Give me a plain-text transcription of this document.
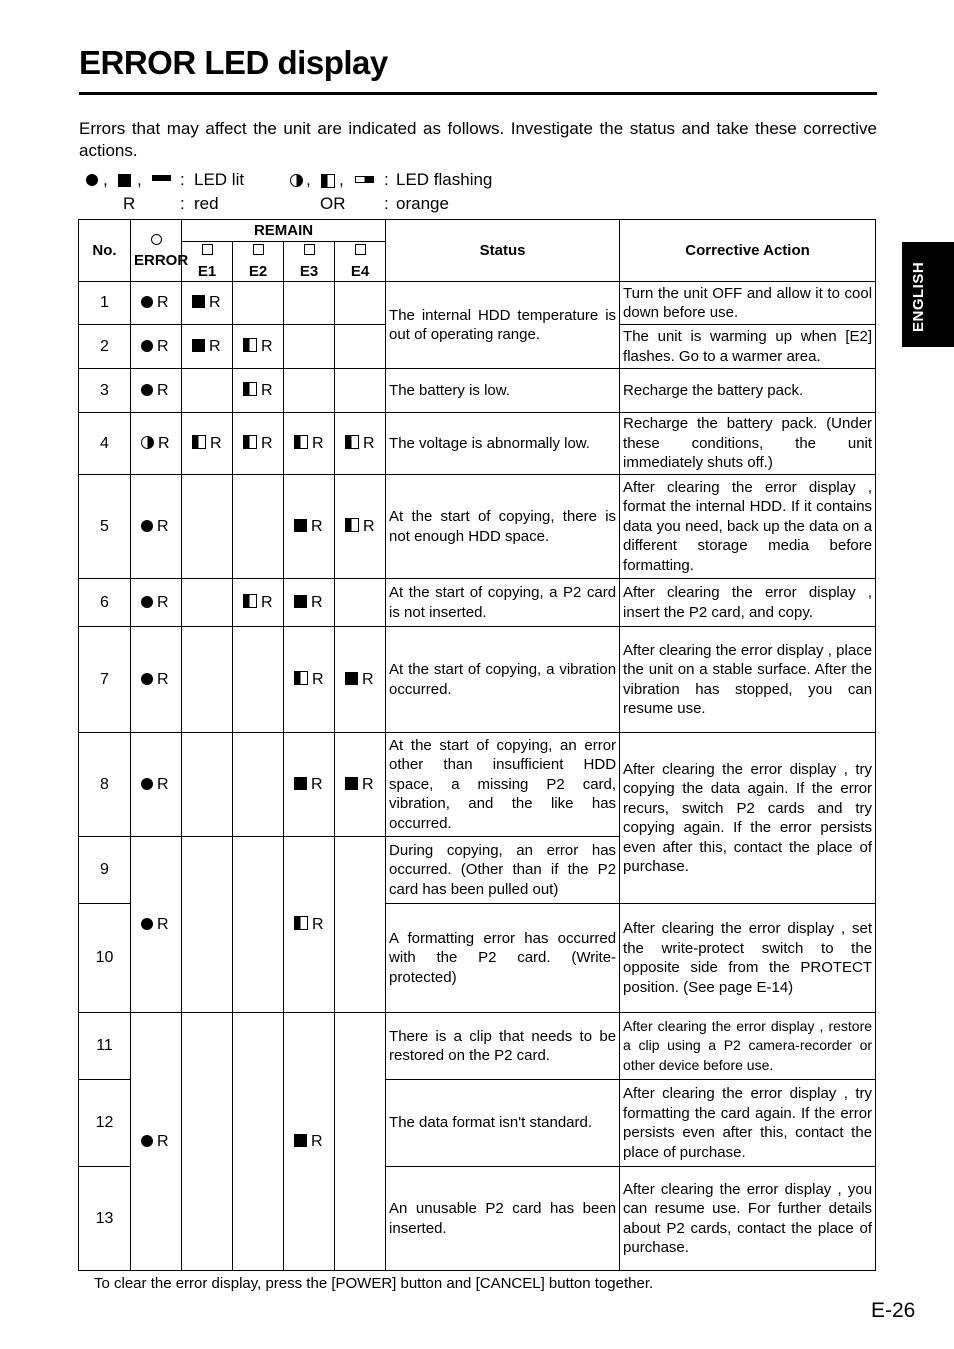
ERROR LED display
Errors that may affect the unit are indicated as follows. Investigate the status and take these corrective actions.
, , : LED lit	, , : LED flashing
R	: red	OR : orange
ENGLISH
No.	ERROR	REMAIN				Status	Corrective Action

E1	E2	E3	E4		
1	R	R				The internal HDD temperature is out of operating range.	Turn the unit OFF and allow it to cool down before use.
2	R	R	R				The unit is warming up when [E2] flashes. Go to a warmer area.
3	R		R			The battery is low.	Recharge the battery pack.
4	R	R	R	R	R	The voltage is abnormally low.	Recharge the battery pack. (Under these conditions, the unit immediately shuts off.)
5	R			R	R	At the start of copying, there is not enough HDD space.	After clearing the error display , format the internal HDD. If it contains data you need, back up the data on a different storage media before formatting.
6	R		R	R		At the start of copying, a P2 card is not inserted.	After clearing the error display , insert the P2 card, and copy.
7	R			R	R	At the start of copying, a vibration occurred.	After clearing the error display , place the unit on a stable surface. After the vibration has stopped, you can resume use.
8	R			R	R	At the start of copying, an error other than insufficient HDD space, a missing P2 card, vibration, and the like has occurred.	After clearing the error display , try copying the data again. If the error recurs, switch P2 cards and try copying again. If the error persists even after this, contact the place of purchase.
9	R			R		During copying, an error has occurred. (Other than if the P2 card has been pulled out)	
10						A formatting error has occurred with the P2 card. (Write-protected)	After clearing the error display , set the write-protect switch to the opposite side from the PROTECT position. (See page E-14)
11	R			R		There is a clip that needs to be restored on the P2 card.	After clearing the error display , restore a clip using a P2 camera-recorder or other device before use.
12						The data format isn't standard.	After clearing the error display , try formatting the card again. If the error persists even after this, contact the place of purchase.
13						An unusable P2 card has been inserted.	After clearing the error display , you can resume use. For further details about P2 cards, contact the place of purchase.
To clear the error display, press the [POWER] button and [CANCEL] button together.
E-26
